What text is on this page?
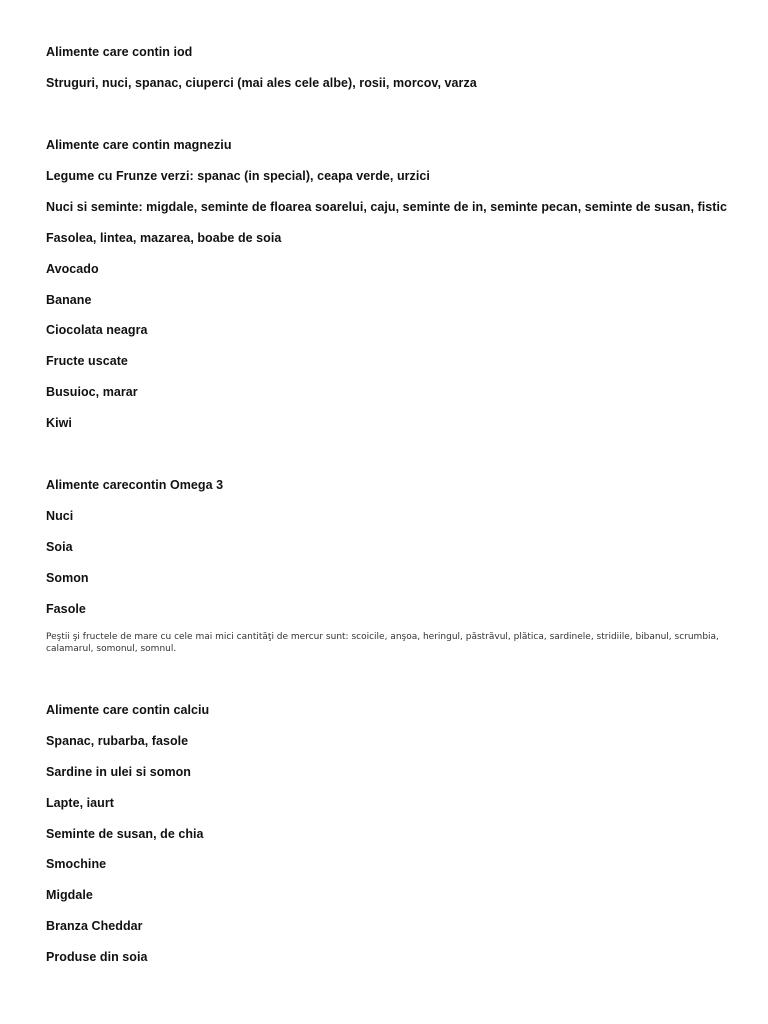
Alimente care contin iod
Struguri, nuci, spanac, ciuperci (mai ales cele albe), rosii, morcov, varza
Alimente care contin magneziu
Legume cu Frunze verzi: spanac (in special), ceapa verde, urzici
Nuci si seminte: migdale, seminte de floarea soarelui, caju, seminte de in, seminte pecan, seminte de susan, fistic
Fasolea, lintea, mazarea, boabe de soia
Avocado
Banane
Ciocolata neagra
Fructe uscate
Busuioc, marar
Kiwi
Alimente carecontin Omega 3
Nuci
Soia
Somon
Fasole
Peştii şi fructele de mare cu cele mai mici cantităţi de mercur sunt: scoicile, anşoa, heringul, păstrăvul, plătica, sardinele, stridiile, bibanul, scrumbia, calamarul, somonul, somnul.
Alimente care contin calciu
Spanac, rubarba, fasole
Sardine in ulei si somon
Lapte, iaurt
Seminte de susan, de chia
Smochine
Migdale
Branza Cheddar
Produse din soia
